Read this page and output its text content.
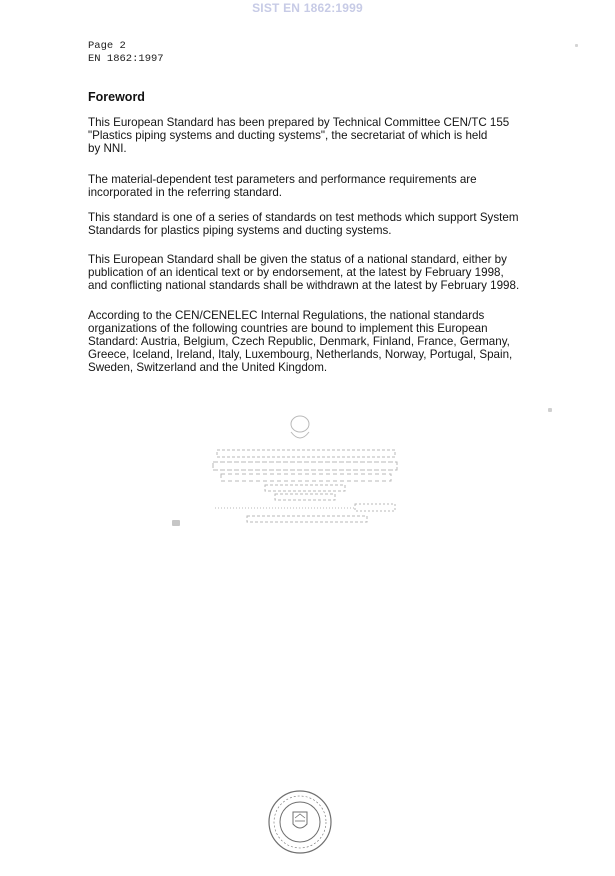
SIST EN 1862:1999
Page 2
EN 1862:1997
Foreword
This European Standard has been prepared by Technical Committee CEN/TC 155
"Plastics piping systems and ducting systems", the secretariat of which is held
by NNI.
The material-dependent test parameters and performance requirements are
incorporated in the referring standard.
This standard is one of a series of standards on test methods which support System
Standards for plastics piping systems and ducting systems.
This European Standard shall be given the status of a national standard, either by
publication of an identical text or by endorsement, at the latest by February 1998,
and conflicting national standards shall be withdrawn at the latest by February 1998.
According to the CEN/CENELEC Internal Regulations, the national standards
organizations of the following countries are bound to implement this European
Standard: Austria, Belgium, Czech Republic, Denmark, Finland, France, Germany,
Greece, Iceland, Ireland, Italy, Luxembourg, Netherlands, Norway, Portugal, Spain,
Sweden, Switzerland and the United Kingdom.
